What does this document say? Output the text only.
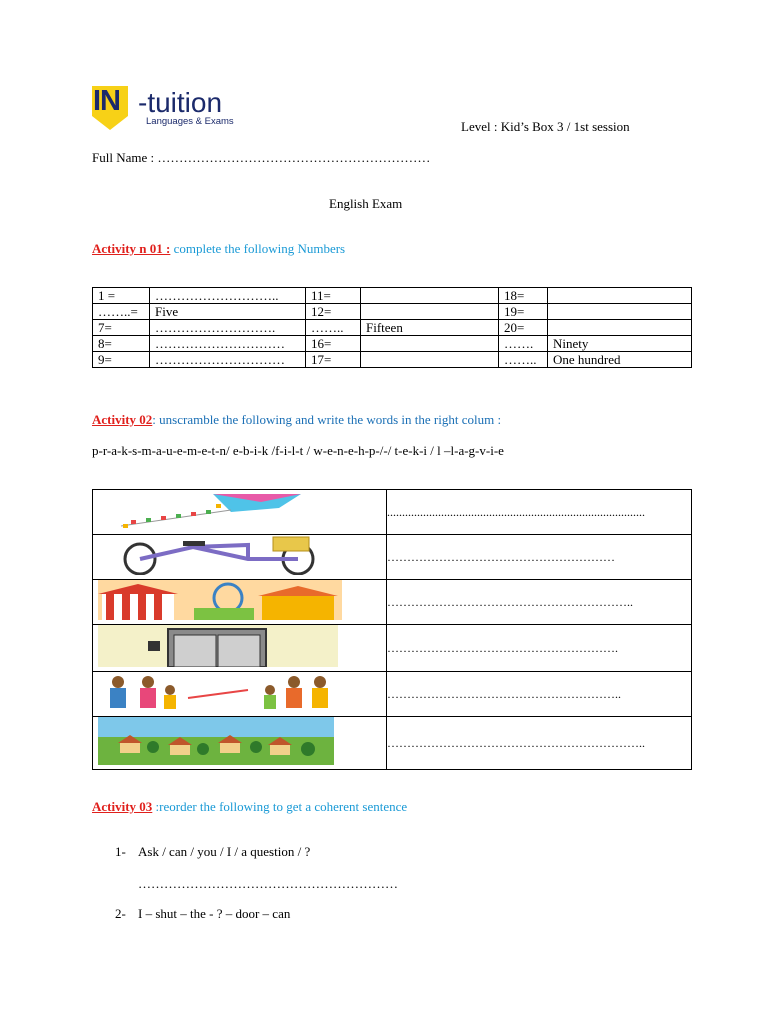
IN -tuition
Languages & Exams	Level : Kid’s Box 3 / 1st session
Full Name : ………………………………………………………
English Exam
Activity n 01 : complete the following Numbers
1 =	………………………..	11=		18=	
……..=	Five	12=		19=	
7=	……………………….	……..	Fifteen	20=	
8=	…………………………	16=		…….	Ninety
9=	…………………………	17=		……..	One hundred
Activity 02: unscramble the following and write the words in the right colum :
p-r-a-k-s-m-a-u-e-m-e-t-n/ e-b-i-k /f-i-l-t / w-e-n-e-h-p-/-/ t-e-k-i / l –l-a-g-v-i-e
	......................................................................................
	…………………………………………………
	……………………………………………………..
	………………………………………………….
	…………………………………………………..
	………………………………………………………..
Activity 03 :reorder the following to get a coherent sentence
1- Ask / can / you / I / a question / ?
……………………………………………………
2- I – shut – the - ? – door – can
